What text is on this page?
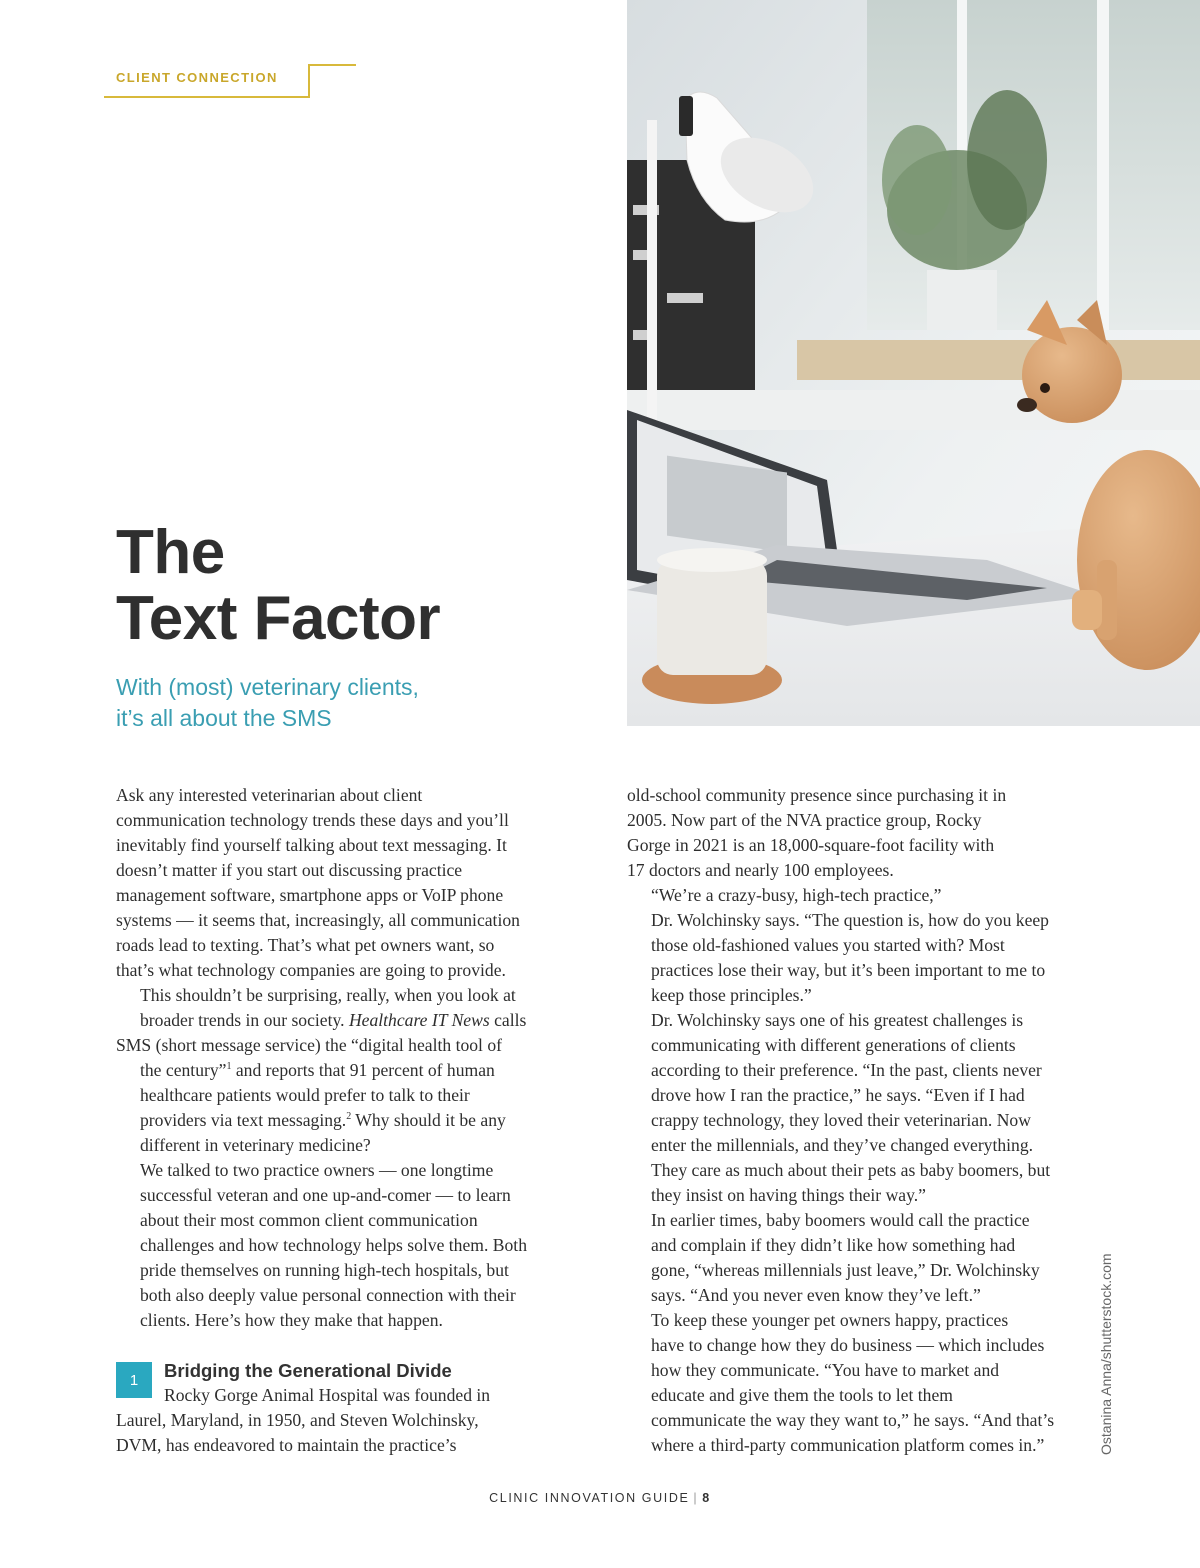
CLIENT CONNECTION
The
Text Factor
With (most) veterinary clients,
it’s all about the SMS

Ask any interested veterinarian about client
communication technology trends these days and you’ll
inevitably find yourself talking about text messaging. It
doesn’t matter if you start out discussing practice
management software, smartphone apps or VoIP phone
systems — it seems that, increasingly, all communication
roads lead to texting. That’s what pet owners want, so
that’s what technology companies are going to provide.

This shouldn’t be surprising, really, when you look at
broader trends in our society. Healthcare IT News calls
SMS (short message service) the “digital health tool of
the century”$^1$ and reports that 91 percent of human
healthcare patients would prefer to talk to their
providers via text messaging.$^2$ Why should it be any
different in veterinary medicine?

We talked to two practice owners — one longtime
successful veteran and one up-and-comer — to learn
about their most common client communication
challenges and how technology helps solve them. Both
pride themselves on running high-tech hospitals, but
both also deeply value personal connection with their
clients. Here’s how they make that happen.

1	Bridging the Generational Divide

Rocky Gorge Animal Hospital was founded in
Laurel, Maryland, in 1950, and Steven Wolchinsky,
DVM, has endeavored to maintain the practice’s

old-school community presence since purchasing it in
2005. Now part of the NVA practice group, Rocky
Gorge in 2021 is an 18,000-square-foot facility with
17 doctors and nearly 100 employees.

“We’re a crazy-busy, high-tech practice,”
Dr. Wolchinsky says. “The question is, how do you keep
those old-fashioned values you started with? Most
practices lose their way, but it’s been important to me to
keep those principles.”

Dr. Wolchinsky says one of his greatest challenges is
communicating with different generations of clients
according to their preference. “In the past, clients never
drove how I ran the practice,” he says. “Even if I had
crappy technology, they loved their veterinarian. Now
enter the millennials, and they’ve changed everything.
They care as much about their pets as baby boomers, but
they insist on having things their way.”

In earlier times, baby boomers would call the practice
and complain if they didn’t like how something had
gone, “whereas millennials just leave,” Dr. Wolchinsky
says. “And you never even know they’ve left.”

To keep these younger pet owners happy, practices
have to change how they do business — which includes
how they communicate. “You have to market and
educate and give them the tools to let them
communicate the way they want to,” he says. “And that’s
where a third-party communication platform comes in.”	Ostanina Anna/shutterstock.com
CLINIC INNOVATION GUIDE | 8
